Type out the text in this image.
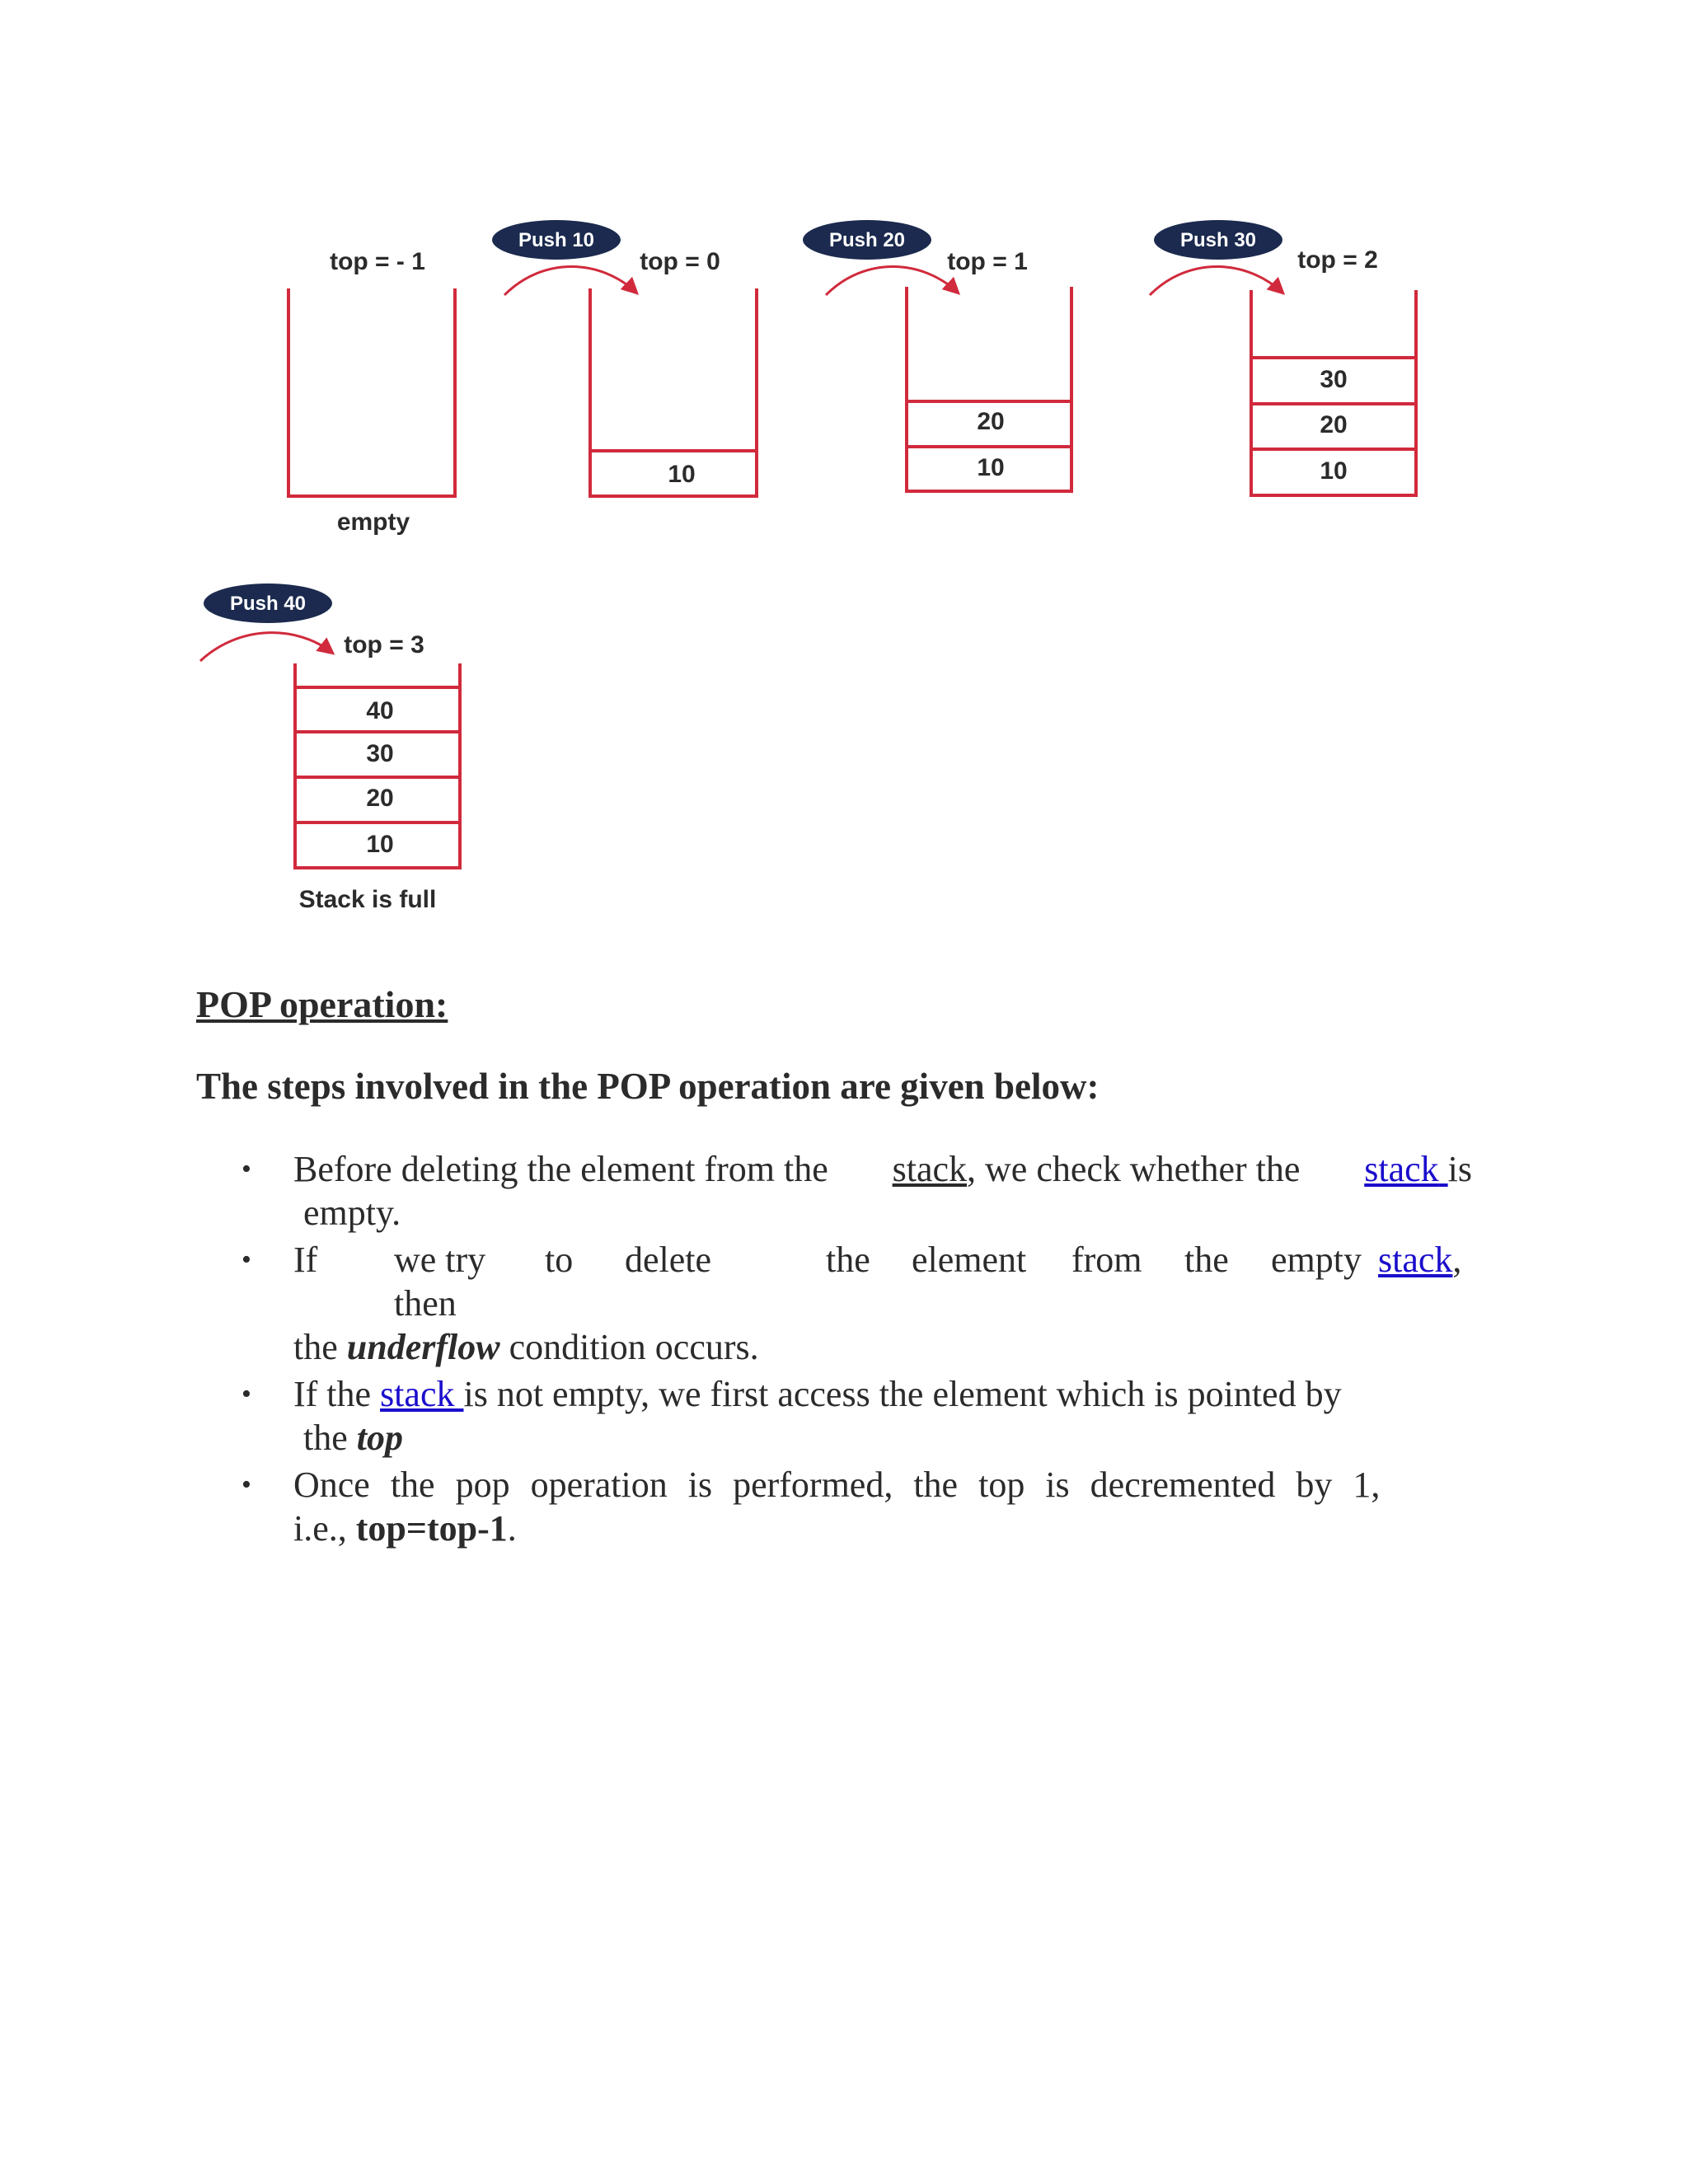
top = - 1
empty
Push 10
top = 0
10
Push 20
top = 1
20
10
Push 30
top = 2
30
20
10
Push 40
top = 3
40
30
20
10
Stack is full
POP operation:
The steps involved in the POP operation are given below:
• Before deleting the element from the stack, we check whether the stack is
empty.
• If we try to delete	the element from the empty stack,
then
the
underflow
condition occurs.
• If the stack is not empty, we first access the element which is pointed by
the
top
• Once the pop operation is performed, the top is decremented by 1,
i.e.,
top=top-1 .
